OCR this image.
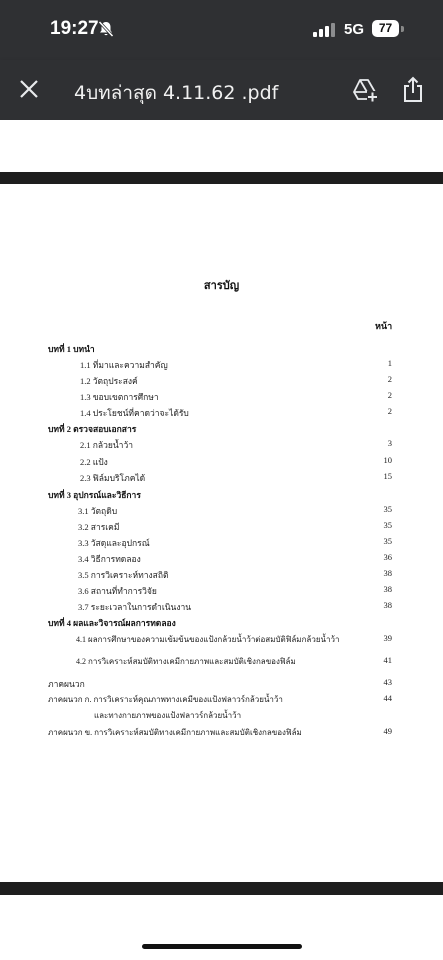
19:27	5G	77
4บทล่าสุด 4.11.62 .pdf
สารบัญ
หน้า
บทที่ 1 บทนำ
1.1 ที่มาและความสำคัญ	1
1.2 วัตถุประสงค์	2
1.3 ขอบเขตการศึกษา	2
1.4 ประโยชน์ที่คาดว่าจะได้รับ	2
บทที่ 2 ตรวจสอบเอกสาร
2.1 กล้วยน้ำว้า	3
2.2 แป้ง	10
2.3 ฟิล์มบริโภคได้	15
บทที่ 3 อุปกรณ์และวิธีการ
3.1 วัตถุดิบ	35
3.2 สารเคมี	35
3.3 วัสดุและอุปกรณ์	35
3.4 วิธีการทดลอง	36
3.5 การวิเคราะห์ทางสถิติ	38
3.6 สถานที่ทำการวิจัย	38
3.7 ระยะเวลาในการดำเนินงาน	38
บทที่ 4 ผลและวิจารณ์ผลการทดลอง
4.1 ผลการศึกษาของความเข้มข้นของแป้งกล้วยน้ำว้าต่อสมบัติฟิล์มกล้วยน้ำว้า	39
4.2 การวิเคราะห์สมบัติทางเคมีกายภาพและสมบัติเชิงกลของฟิล์ม	41
ภาคผนวก	43
ภาคผนวก ก. การวิเคราะห์คุณภาพทางเคมีของแป้งฟลาวร์กล้วยน้ำว้า	44
และทางกายภาพของแป้งฟลาวร์กล้วยน้ำว้า
ภาคผนวก ข. การวิเคราะห์สมบัติทางเคมีกายภาพและสมบัติเชิงกลของฟิล์ม	49
